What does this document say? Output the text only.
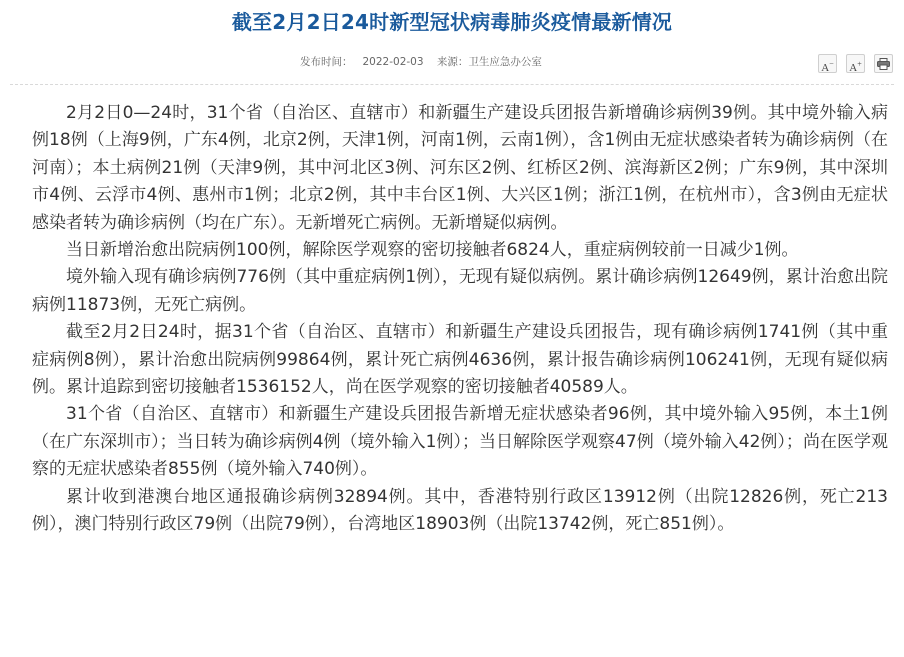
截至2月2日24时新型冠状病毒肺炎疫情最新情况
发布时间： 2022-02-03 来源：卫生应急办公室	A− A+

2月2日0—24时，31个省（自治区、直辖市）和新疆生产建设兵团报告新增确诊病例39例。其中境外输入病例18例（上海9例，广东4例，北京2例，天津1例，河南1例，云南1例），含1例由无症状感染者转为确诊病例（在河南）；本土病例21例（天津9例，其中河北区3例、河东区2例、红桥区2例、滨海新区2例；广东9例，其中深圳市4例、云浮市4例、惠州市1例；北京2例，其中丰台区1例、大兴区1例；浙江1例，在杭州市），含3例由无症状感染者转为确诊病例（均在广东）。无新增死亡病例。无新增疑似病例。

当日新增治愈出院病例100例，解除医学观察的密切接触者6824人，重症病例较前一日减少1例。

境外输入现有确诊病例776例（其中重症病例1例），无现有疑似病例。累计确诊病例12649例，累计治愈出院病例11873例，无死亡病例。

截至2月2日24时，据31个省（自治区、直辖市）和新疆生产建设兵团报告，现有确诊病例1741例（其中重症病例8例），累计治愈出院病例99864例，累计死亡病例4636例，累计报告确诊病例106241例，无现有疑似病例。累计追踪到密切接触者1536152人，尚在医学观察的密切接触者40589人。

31个省（自治区、直辖市）和新疆生产建设兵团报告新增无症状感染者96例，其中境外输入95例，本土1例（在广东深圳市）；当日转为确诊病例4例（境外输入1例）；当日解除医学观察47例（境外输入42例）；尚在医学观察的无症状感染者855例（境外输入740例）。

累计收到港澳台地区通报确诊病例32894例。其中，香港特别行政区13912例（出院12826例，死亡213例），澳门特别行政区79例（出院79例），台湾地区18903例（出院13742例，死亡851例）。
